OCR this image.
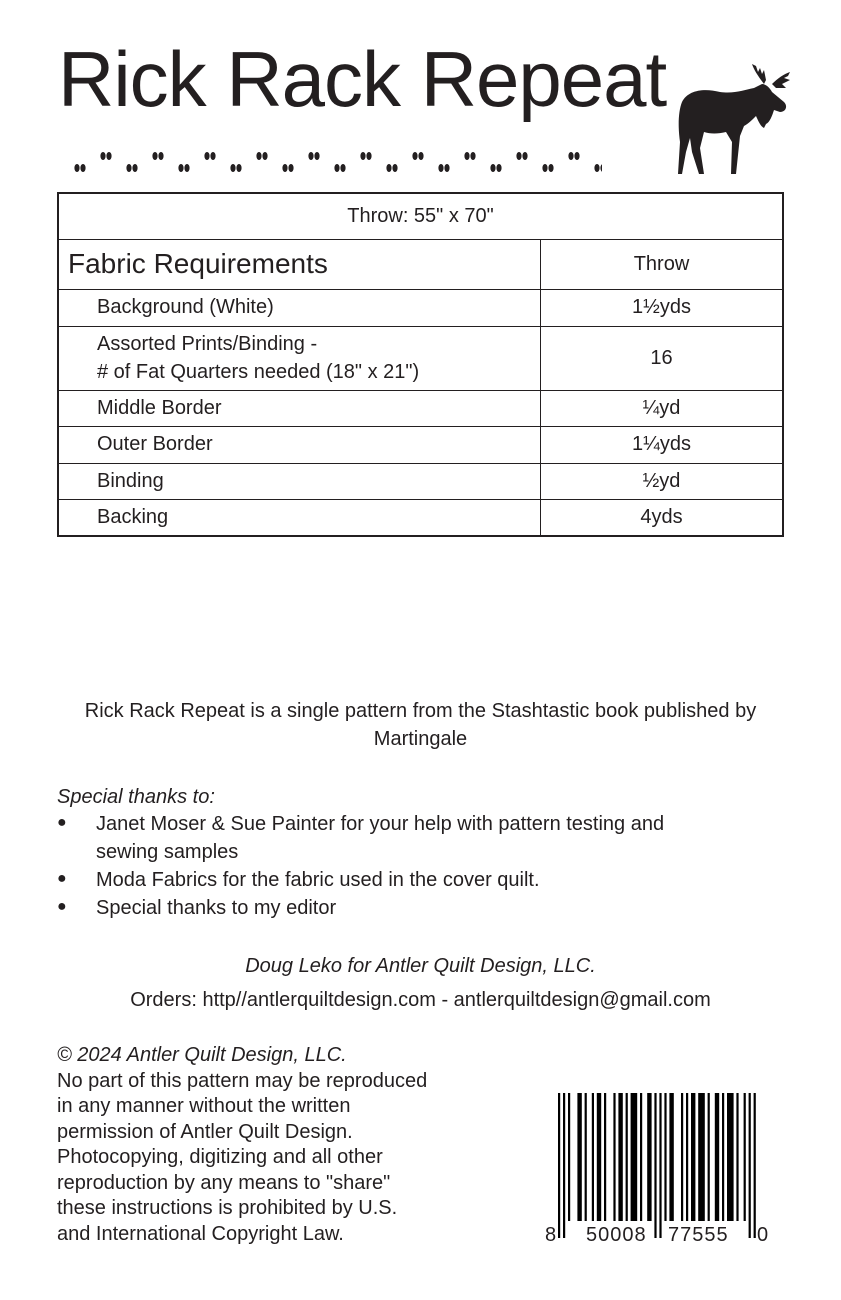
Rick Rack Repeat
Throw: 55" x 70"	
Fabric Requirements	Throw
Background (White)	1½yds

Assorted Prints/Binding -
# of Fat Quarters needed (18" x 21")	16
Middle Border	¼yd
Outer Border	1¼yds
Binding	½yd
Backing	4yds
Rick Rack Repeat is a single pattern from the Stashtastic book published by
Martingale
Special thanks to:
● Janet Moser & Sue Painter for your help with pattern testing and
sewing samples
● Moda Fabrics for the fabric used in the cover quilt.
● Special thanks to my editor
Doug Leko for Antler Quilt Design, LLC.
Orders: http//antlerquiltdesign.com - antlerquiltdesign@gmail.com
© 2024 Antler Quilt Design, LLC.
No part of this pattern may be reproduced
in any manner without the written
permission of Antler Quilt Design.
Photocopying, digitizing and all other
reproduction by any means to "share"
these instructions is prohibited by U.S.
and International Copyright Law.	8 50008 77555 0
